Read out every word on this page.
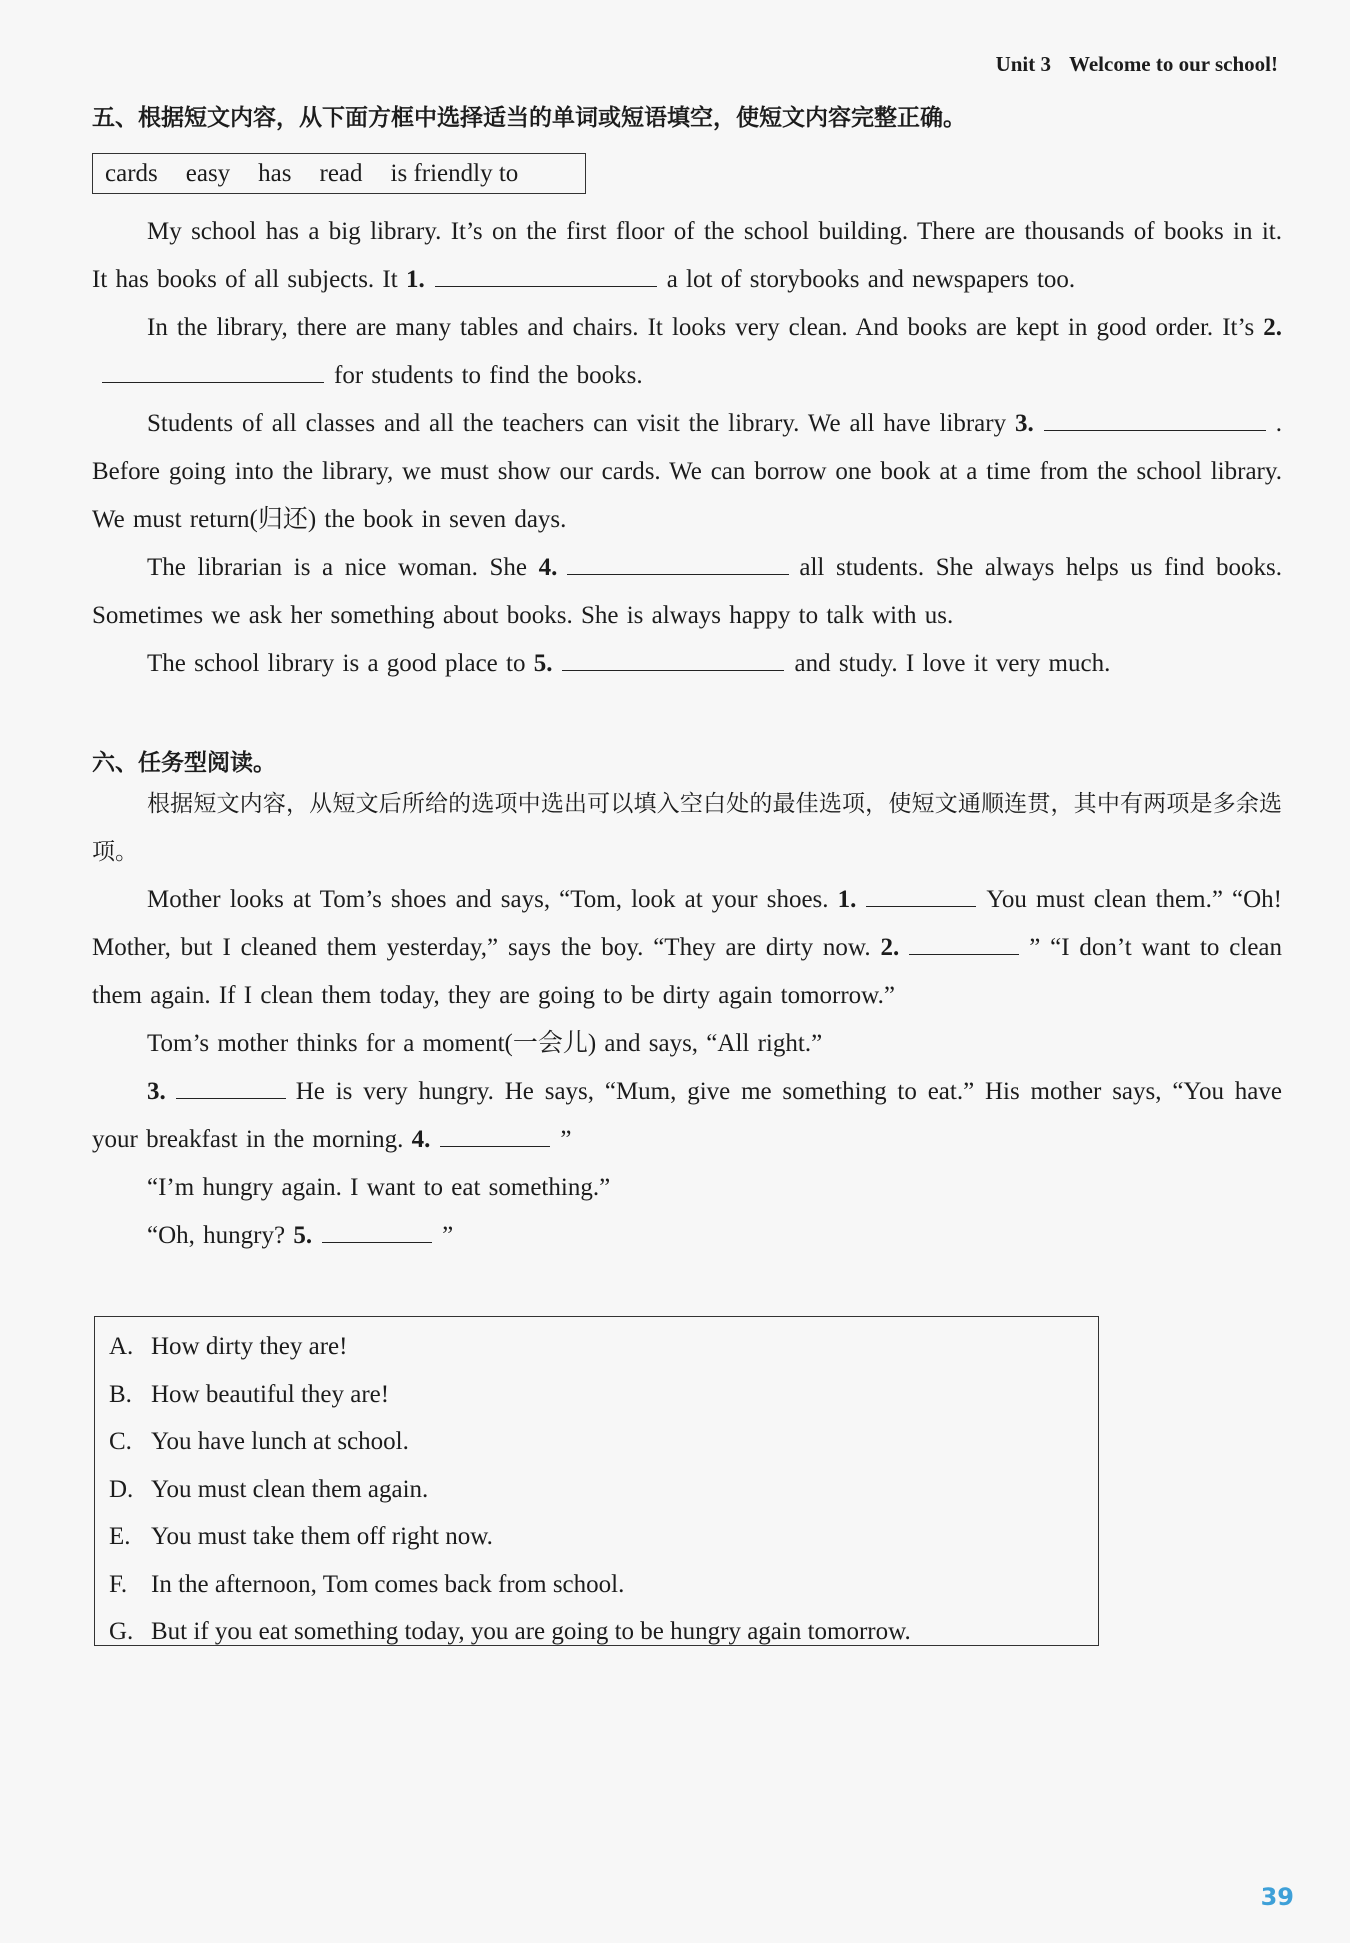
Unit 3 Welcome to our school!
五、根据短文内容，从下面方框中选择适当的单词或短语填空，使短文内容完整正确。
cards easy has read is friendly to

My school has a big library. It’s on the first floor of the school building. There are thousands of books in it. It has books of all subjects. It 1.	a lot of storybooks and newspapers too.

In the library, there are many tables and chairs. It looks very clean. And books are kept in good order. It’s 2.for students to find the books.

Students of all classes and all the teachers can visit the library. We all have library 3.	. Before going into the library, we must show our cards. We can borrow one book at a time from the school library. We must return(归还) the book in seven days.

The librarian is a nice woman. She 4.	all students. She always helps us find books. Sometimes we ask her something about books. She is always happy to talk with us.

The school library is a good place to 5.	and study. I love it very much.

六、任务型阅读。
根据短文内容，从短文后所给的选项中选出可以填入空白处的最佳选项，使短文通顺连贯，其中有两项是多余选项。

Mother looks at Tom’s shoes and says, “Tom, look at your shoes. 1.	You must clean them.” “Oh! Mother, but I cleaned them yesterday,” says the boy. “They are dirty now. 2.	” “I don’t want to clean them again. If I clean them today, they are going to be dirty again tomorrow.”

Tom’s mother thinks for a moment(一会儿) and says, “All right.”

3.	He is very hungry. He says, “Mum, give me something to eat.” His mother says, “You have your breakfast in the morning. 4.	”

“I’m hungry again. I want to eat something.”

“Oh, hungry? 5.	”

A. How dirty they are!
B. How beautiful they are!
C. You have lunch at school.
D. You must clean them again.
E. You must take them off right now.
F. In the afternoon, Tom comes back from school.
G. But if you eat something today, you are going to be hungry again tomorrow.
39
